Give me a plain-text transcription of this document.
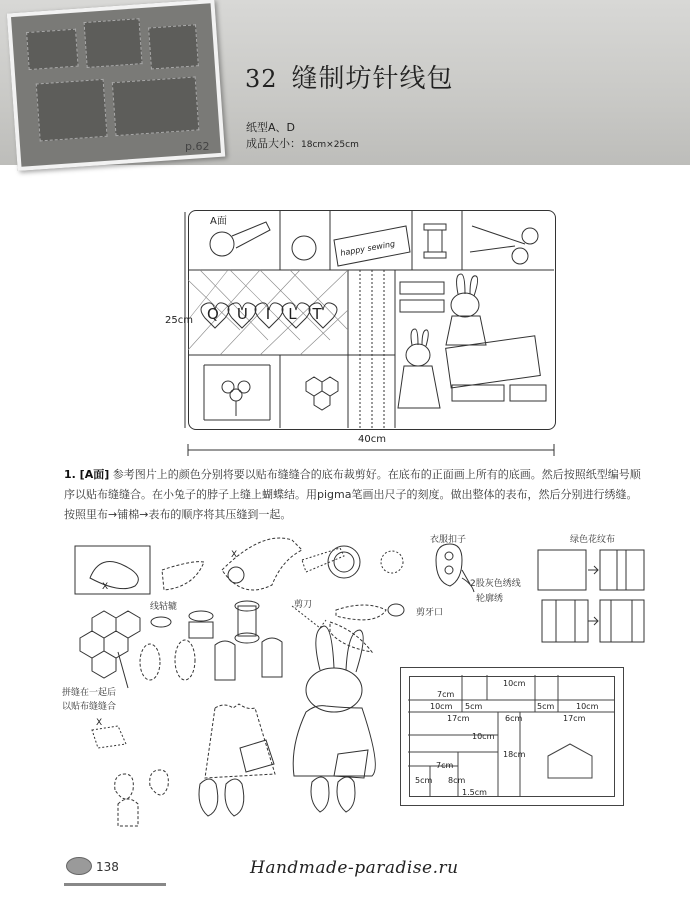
p.62
32 缝制坊针线包
纸型A、D
成品大小：18cm×25cm
A面
25cm
40cm
happy sewing
QUILT
1. [A面] 参考图片上的颜色分别将要以贴布缝缝合的底布裁剪好。在底布的正面画上所有的底画。然后按照纸型编号顺序以贴布缝缝合。在小兔子的脖子上缝上蝴蝶结。用pigma笔画出尺子的刻度。做出整体的表布，然后分别进行绣缝。按照里布→铺棉→表布的顺序将其压缝到一起。
衣服扣子
2股灰色绣线
轮廓绣
绿色花纹布
线轱辘	剪刀
剪牙口
拼缝在一起后
以贴布缝缝合
X
X
X
10cm
7cm
10cm 5cm	5cm	10cm
17cm	6cm	17cm
10cm
18cm
7cm
5cm 8cm
1.5cm
138	Handmade-paradise.ru
